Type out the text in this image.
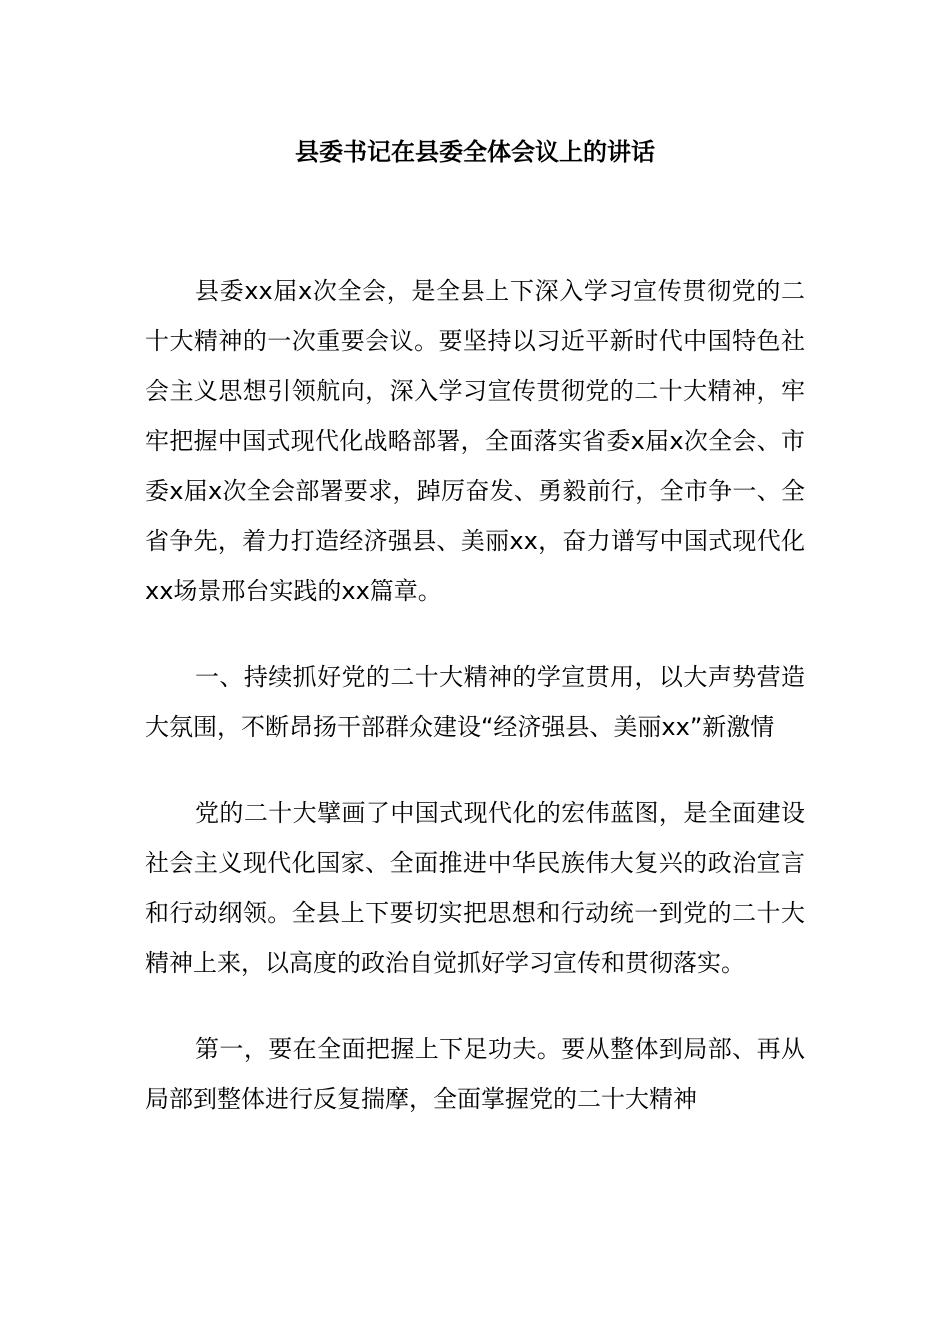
县委书记在县委全体会议上的讲话

县委xx届x次全会，是全县上下深入学习宣传贯彻党的二十大精神的一次重要会议。要坚持以习近平新时代中国特色社会主义思想引领航向，深入学习宣传贯彻党的二十大精神，牢牢把握中国式现代化战略部署，全面落实省委x届x次全会、市委x届x次全会部署要求，踔厉奋发、勇毅前行，全市争一、全省争先，着力打造经济强县、美丽xx，奋力谱写中国式现代化xx场景邢台实践的xx篇章。

一、持续抓好党的二十大精神的学宣贯用，以大声势营造大氛围，不断昂扬干部群众建设“经济强县、美丽xx”新激情

党的二十大擘画了中国式现代化的宏伟蓝图，是全面建设社会主义现代化国家、全面推进中华民族伟大复兴的政治宣言和行动纲领。全县上下要切实把思想和行动统一到党的二十大精神上来，以高度的政治自觉抓好学习宣传和贯彻落实。

第一，要在全面把握上下足功夫。要从整体到局部、再从局部到整体进行反复揣摩，全面掌握党的二十大精神
